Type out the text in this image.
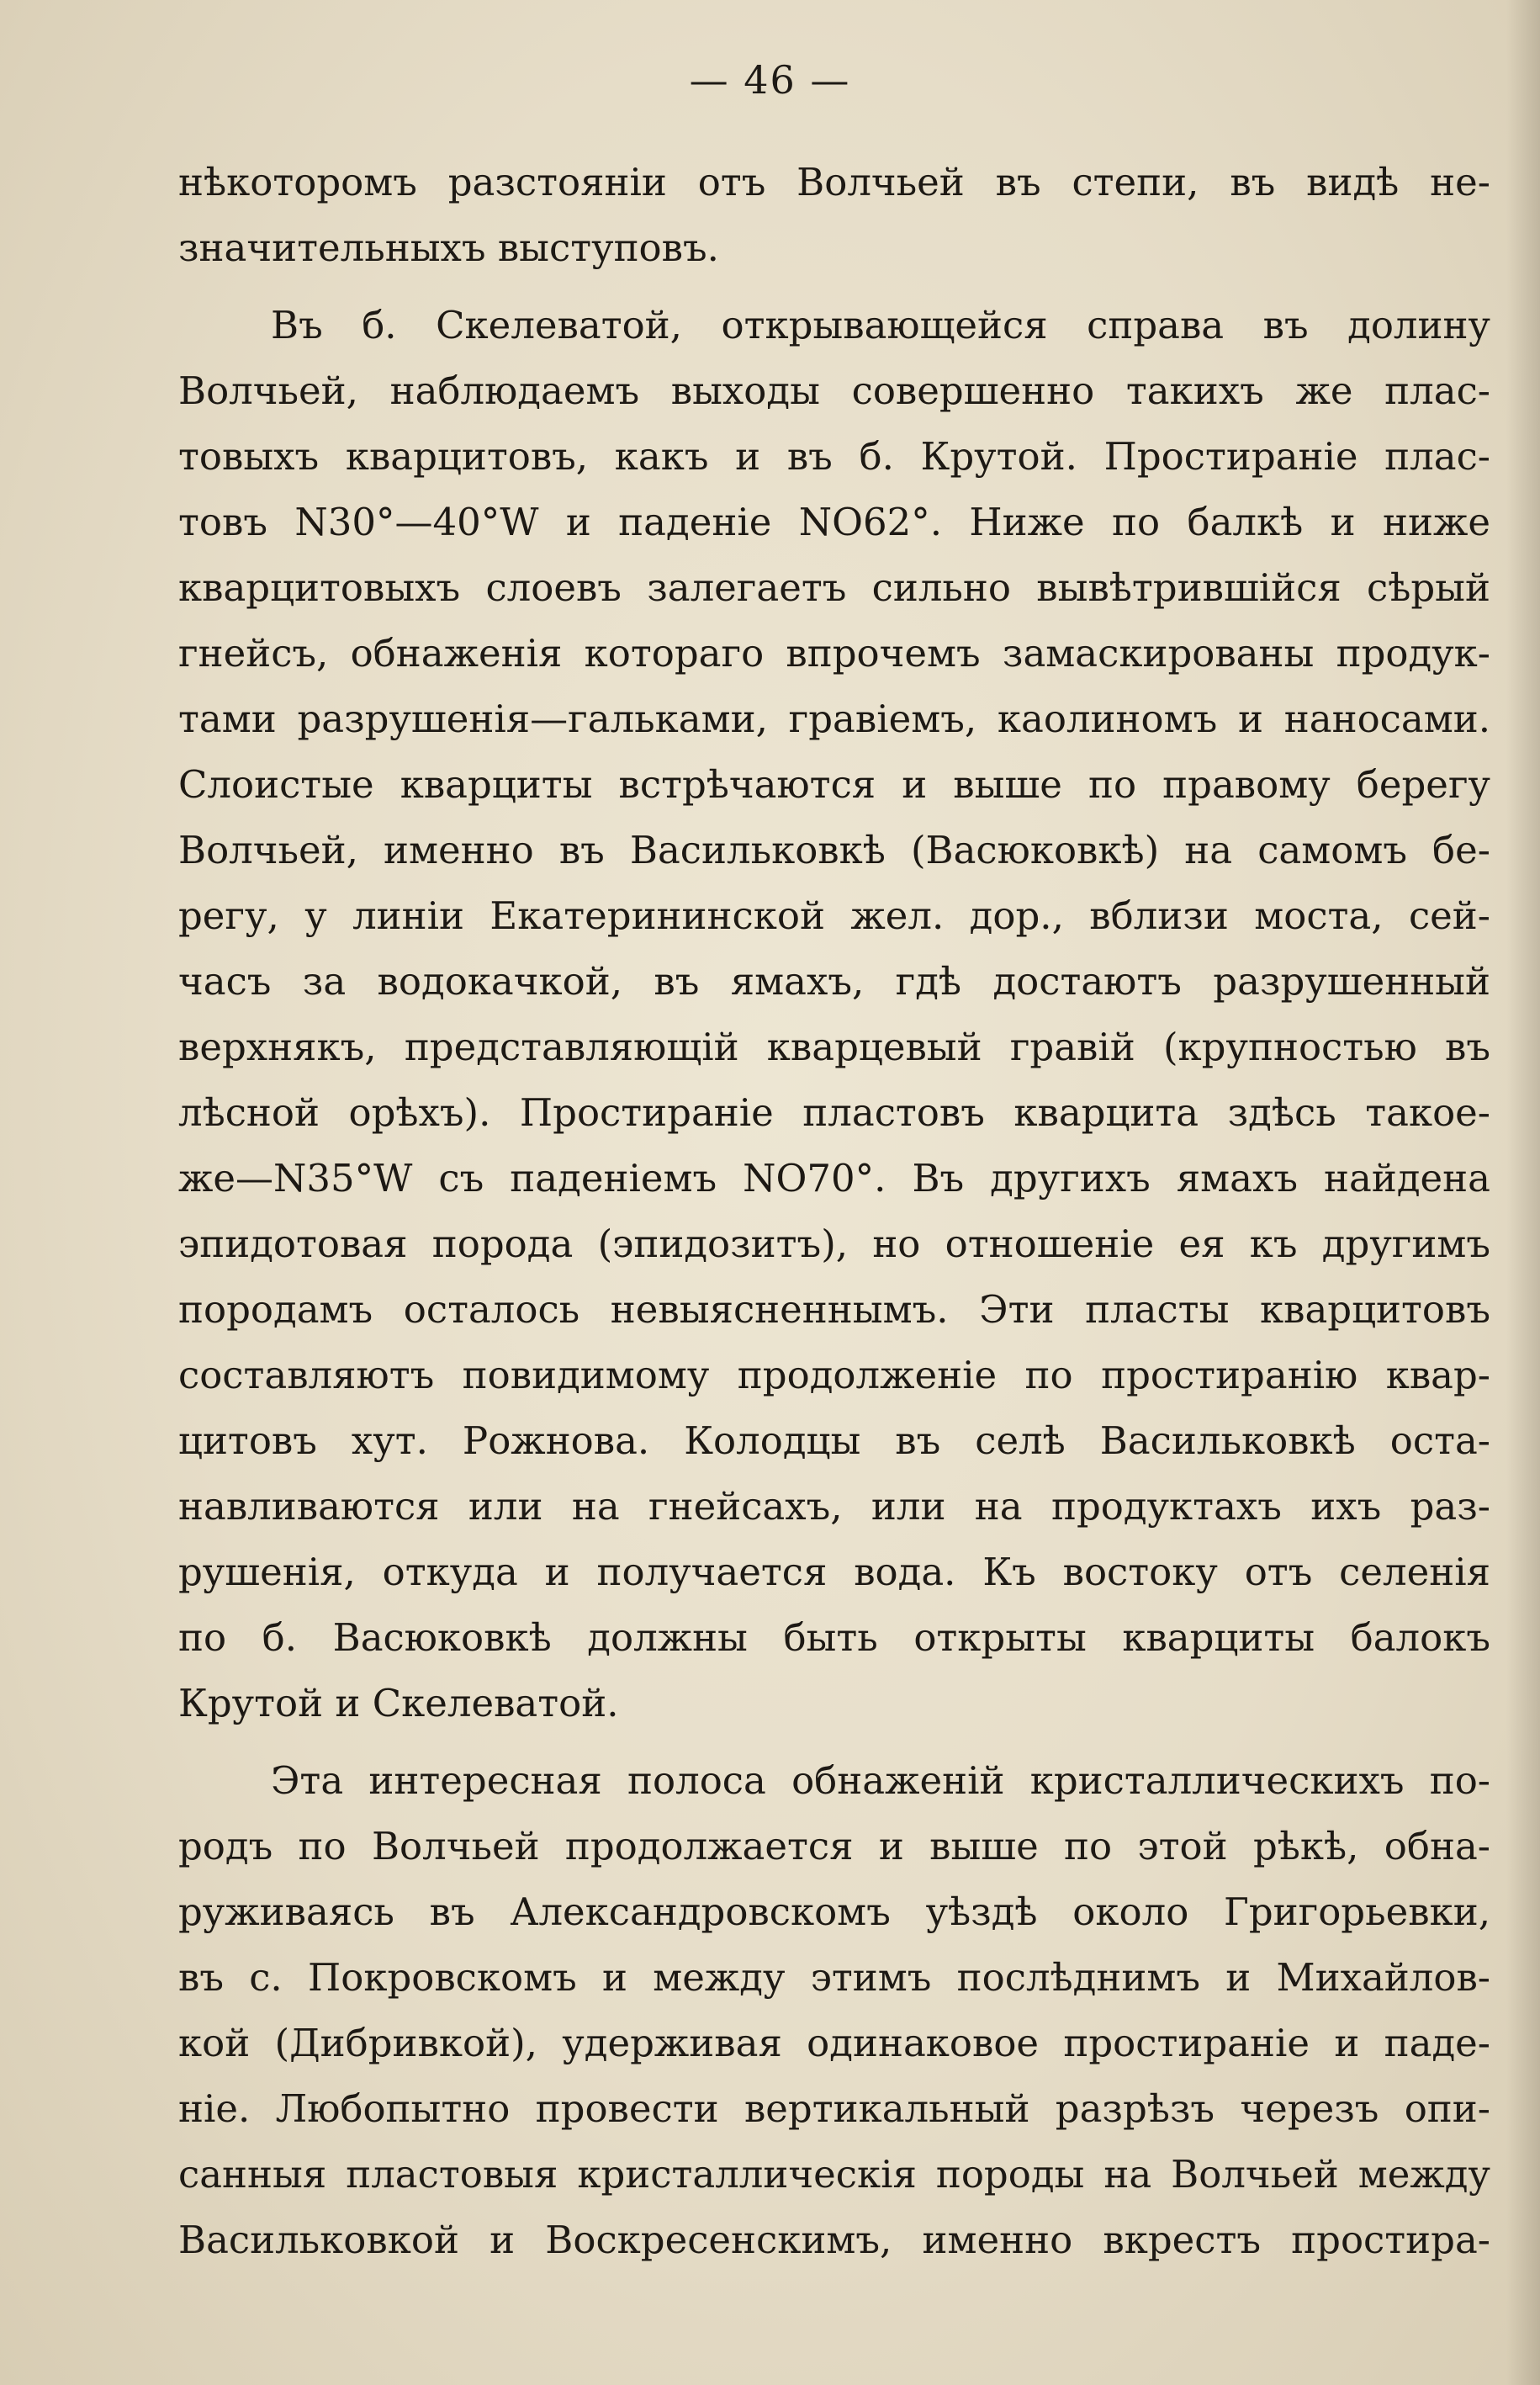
— 46 —
нѣкоторомъ разстояніи отъ Волчьей въ степи, въ видѣ не-
значительныхъ выступовъ.
Въ б. Скелеватой, открывающейся справа въ долину
Волчьей, наблюдаемъ выходы совершенно такихъ же плас-
товыхъ кварцитовъ, какъ и въ б. Крутой. Простираніе плас-
товъ N30°—40°W и паденіе NO62°. Ниже по балкѣ и ниже
кварцитовыхъ слоевъ залегаетъ сильно вывѣтрившійся сѣрый
гнейсъ, обнаженія котораго впрочемъ замаскированы продук-
тами разрушенія—гальками, гравіемъ, каолиномъ и наносами.
Слоистые кварциты встрѣчаются и выше по правому берегу
Волчьей, именно въ Васильковкѣ (Васюковкѣ) на самомъ бе-
регу, у линіи Екатерининской жел. дор., вблизи моста, сей-
часъ за водокачкой, въ ямахъ, гдѣ достаютъ разрушенный
верхнякъ, представляющій кварцевый гравій (крупностью въ
лѣсной орѣхъ). Простираніе пластовъ кварцита здѣсь такое-
же—N35°W съ паденіемъ NO70°. Въ другихъ ямахъ найдена
эпидотовая порода (эпидозитъ), но отношеніе ея къ другимъ
породамъ осталось невыясненнымъ. Эти пласты кварцитовъ
составляютъ повидимому продолженіе по простиранію квар-
цитовъ хут. Рожнова. Колодцы въ селѣ Васильковкѣ оста-
навливаются или на гнейсахъ, или на продуктахъ ихъ раз-
рушенія, откуда и получается вода. Къ востоку отъ селенія
по б. Васюковкѣ должны быть открыты кварциты балокъ
Крутой и Скелеватой.
Эта интересная полоса обнаженій кристаллическихъ по-
родъ по Волчьей продолжается и выше по этой рѣкѣ, обна-
руживаясь въ Александровскомъ уѣздѣ около Григорьевки,
въ с. Покровскомъ и между этимъ послѣднимъ и Михайлов-
кой (Дибривкой), удерживая одинаковое простираніе и паде-
ніе. Любопытно провести вертикальный разрѣзъ черезъ опи-
санныя пластовыя кристаллическія породы на Волчьей между
Васильковкой и Воскресенскимъ, именно вкрестъ простира-
